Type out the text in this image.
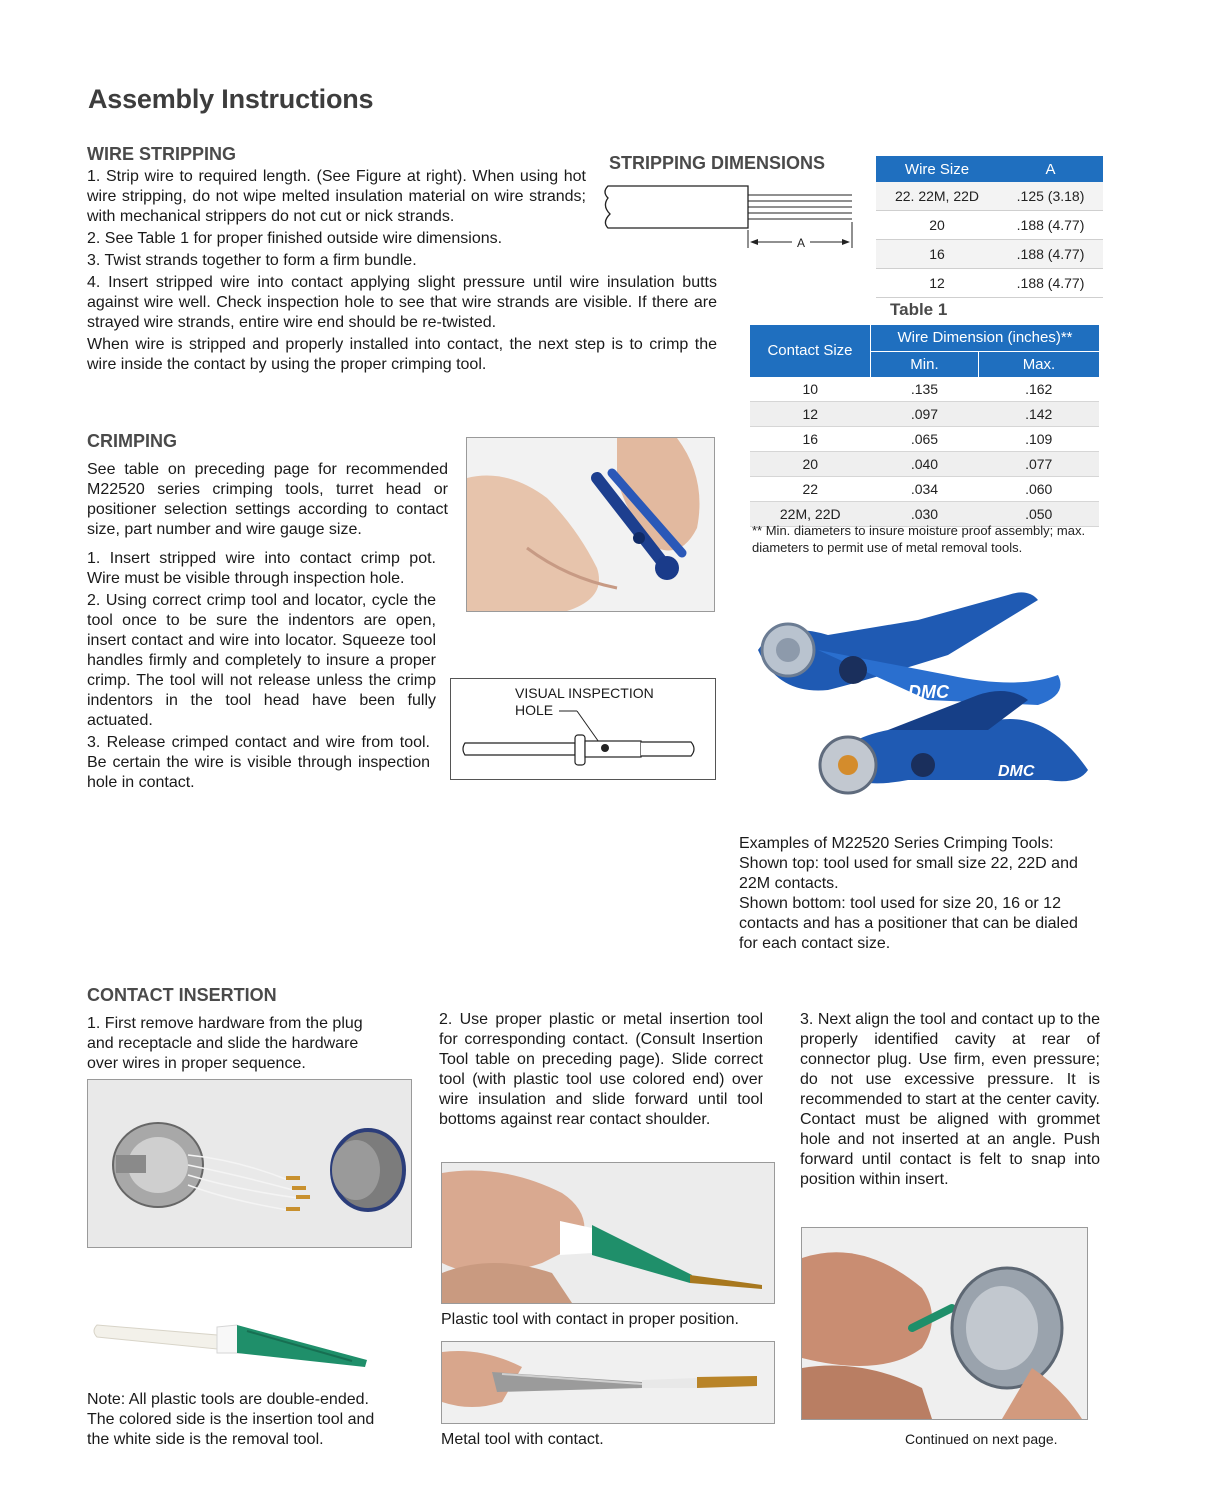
Assembly Instructions
WIRE STRIPPING
1. Strip wire to required length. (See Figure at right). When using hot wire stripping, do not wipe melted insulation material on wire strands; with mechanical strippers do not cut or nick strands.
2. See Table 1 for proper finished outside wire dimensions.
3. Twist strands together to form a firm bundle.
4. Insert stripped wire into contact applying slight pressure until wire insulation butts against wire well. Check inspection hole to see that wire strands are visible. If there are strayed wire strands, entire wire end should be re-twisted.
When wire is stripped and properly installed into contact, the next step is to crimp the wire inside the contact by using the proper crimping tool.
STRIPPING DIMENSIONS
A
Wire Size	A
22. 22M, 22D	.125 (3.18)
20	.188 (4.77)
16	.188 (4.77)
12	.188 (4.77)
Table 1
Contact Size	Wire Dimension (inches)**	
	Min.	Max.
10	.135	.162
12	.097	.142
16	.065	.109
20	.040	.077
22	.034	.060
22M, 22D	.030	.050
** Min. diameters to insure moisture proof assembly; max. diameters to permit use of metal removal tools.
CRIMPING
See table on preceding page for recommended M22520 series crimping tools, turret head or positioner selection settings according to contact size, part number and wire gauge size.
1. Insert stripped wire into contact crimp pot. Wire must be visible through inspection hole.
2. Using correct crimp tool and locator, cycle the tool once to be sure the indentors are open, insert contact and wire into locator. Squeeze tool handles firmly and completely to insure a proper crimp. The tool will not release unless the crimp indentors in the tool head have been fully actuated.
3. Release crimped contact and wire from tool. Be certain the wire is visible through inspection hole in contact.
VISUAL INSPECTION
HOLE
DMC
DMC
Examples of M22520 Series Crimping Tools:
Shown top: tool used for small size 22, 22D and 22M contacts.
Shown bottom: tool used for size 20, 16 or 12 contacts and has a positioner that can be dialed for each contact size.
CONTACT INSERTION
1. First remove hardware from the plug and receptacle and slide the hardware over wires in proper sequence.
2. Use proper plastic or metal insertion tool for corresponding contact. (Consult Insertion Tool table on preceding page). Slide correct tool (with plastic tool use colored end) over wire insulation and slide forward until tool bottoms against rear contact shoulder.
3. Next align the tool and contact up to the properly identified cavity at rear of connector plug. Use firm, even pressure; do not use excessive pressure. It is recommended to start at the center cavity. Contact must be aligned with grommet hole and not inserted at an angle. Push forward until contact is felt to snap into position within insert.
Note: All plastic tools are double-ended. The colored side is the insertion tool and the white side is the removal tool.
Plastic tool with contact in proper position.
Metal tool with contact.	Continued on next page.
